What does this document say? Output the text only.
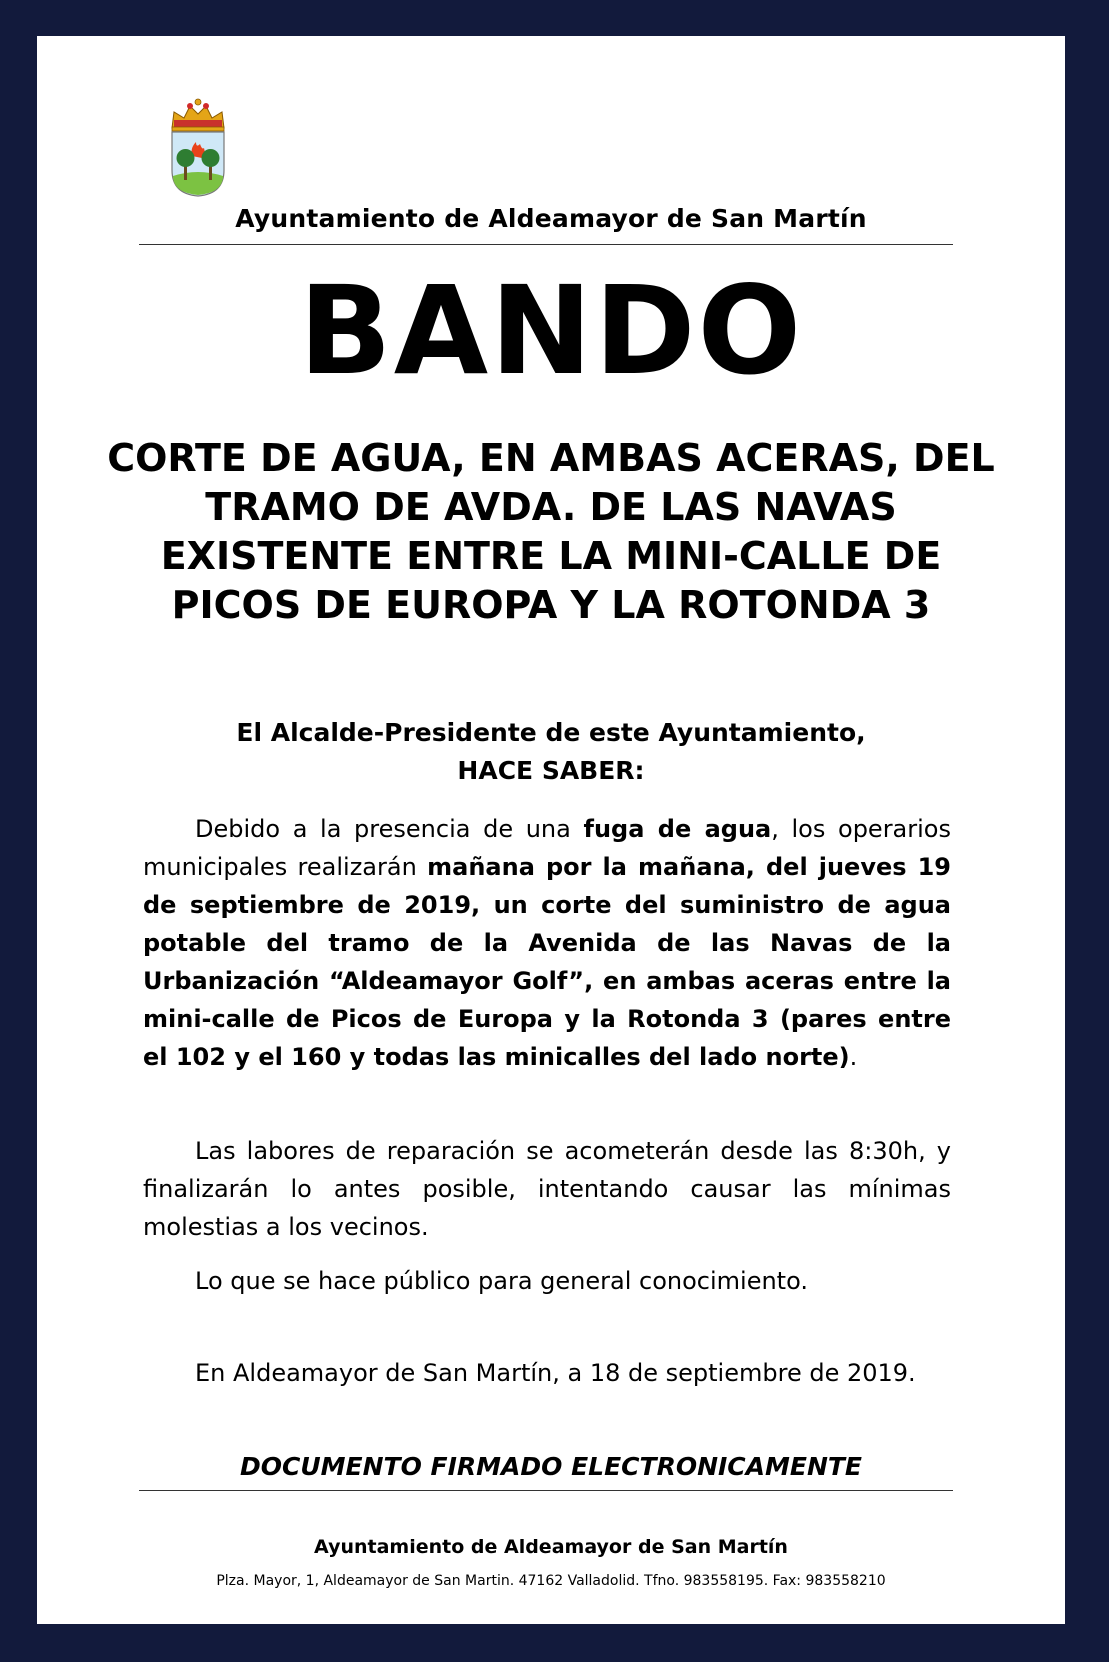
Ayuntamiento de Aldeamayor de San Martín
BANDO
CORTE DE AGUA, EN AMBAS ACERAS, DEL TRAMO DE AVDA. DE LAS NAVAS EXISTENTE ENTRE LA MINI-CALLE DE PICOS DE EUROPA Y LA ROTONDA 3
El Alcalde-Presidente de este Ayuntamiento,
HACE SABER:
Debido a la presencia de una fuga de agua, los operarios municipales realizarán mañana por la mañana, del jueves 19 de septiembre de 2019, un corte del suministro de agua potable del tramo de la Avenida de las Navas de la Urbanización “Aldeamayor Golf”, en ambas aceras entre la mini-calle de Picos de Europa y la Rotonda 3 (pares entre el 102 y el 160 y todas las minicalles del lado norte).
Las labores de reparación se acometerán desde las 8:30h, y finalizarán lo antes posible, intentando causar las mínimas molestias a los vecinos.
Lo que se hace público para general conocimiento.
En Aldeamayor de San Martín, a 18 de septiembre de 2019.
DOCUMENTO FIRMADO ELECTRONICAMENTE
Ayuntamiento de Aldeamayor de San Martín
Plza. Mayor, 1, Aldeamayor de San Martin. 47162 Valladolid. Tfno. 983558195. Fax: 983558210
